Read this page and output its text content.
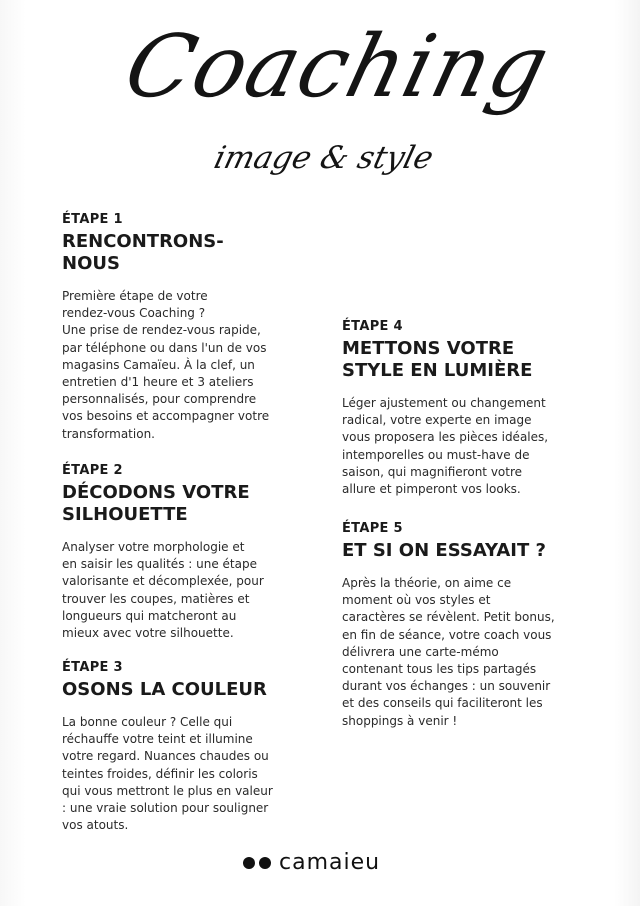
Coaching
image & style

ÉTAPE 1

RENCONTRONS-
NOUS

Première étape de votre
rendez-vous Coaching ?
Une prise de rendez-vous rapide,
par téléphone ou dans l'un de vos
magasins Camaïeu. À la clef, un
entretien d'1 heure et 3 ateliers
personnalisés, pour comprendre
vos besoins et accompagner votre
transformation.

ÉTAPE 2

DÉCODONS VOTRE
SILHOUETTE

Analyser votre morphologie et
en saisir les qualités : une étape
valorisante et décomplexée, pour
trouver les coupes, matières et
longueurs qui matcheront au
mieux avec votre silhouette.

ÉTAPE 3

OSONS LA COULEUR

La bonne couleur ? Celle qui
réchauffe votre teint et illumine
votre regard. Nuances chaudes ou
teintes froides, définir les coloris
qui vous mettront le plus en valeur
: une vraie solution pour souligner
vos atouts.

ÉTAPE 4

METTONS VOTRE
STYLE EN LUMIÈRE

Léger ajustement ou changement
radical, votre experte en image
vous proposera les pièces idéales,
intemporelles ou must-have de
saison, qui magnifieront votre
allure et pimperont vos looks.

ÉTAPE 5

ET SI ON ESSAYAIT ?

Après la théorie, on aime ce
moment où vos styles et
caractères se révèlent. Petit bonus,
en fin de séance, votre coach vous
délivrera une carte-mémo
contenant tous les tips partagés
durant vos échanges : un souvenir
et des conseils qui faciliteront les
shoppings à venir !

camaieu
